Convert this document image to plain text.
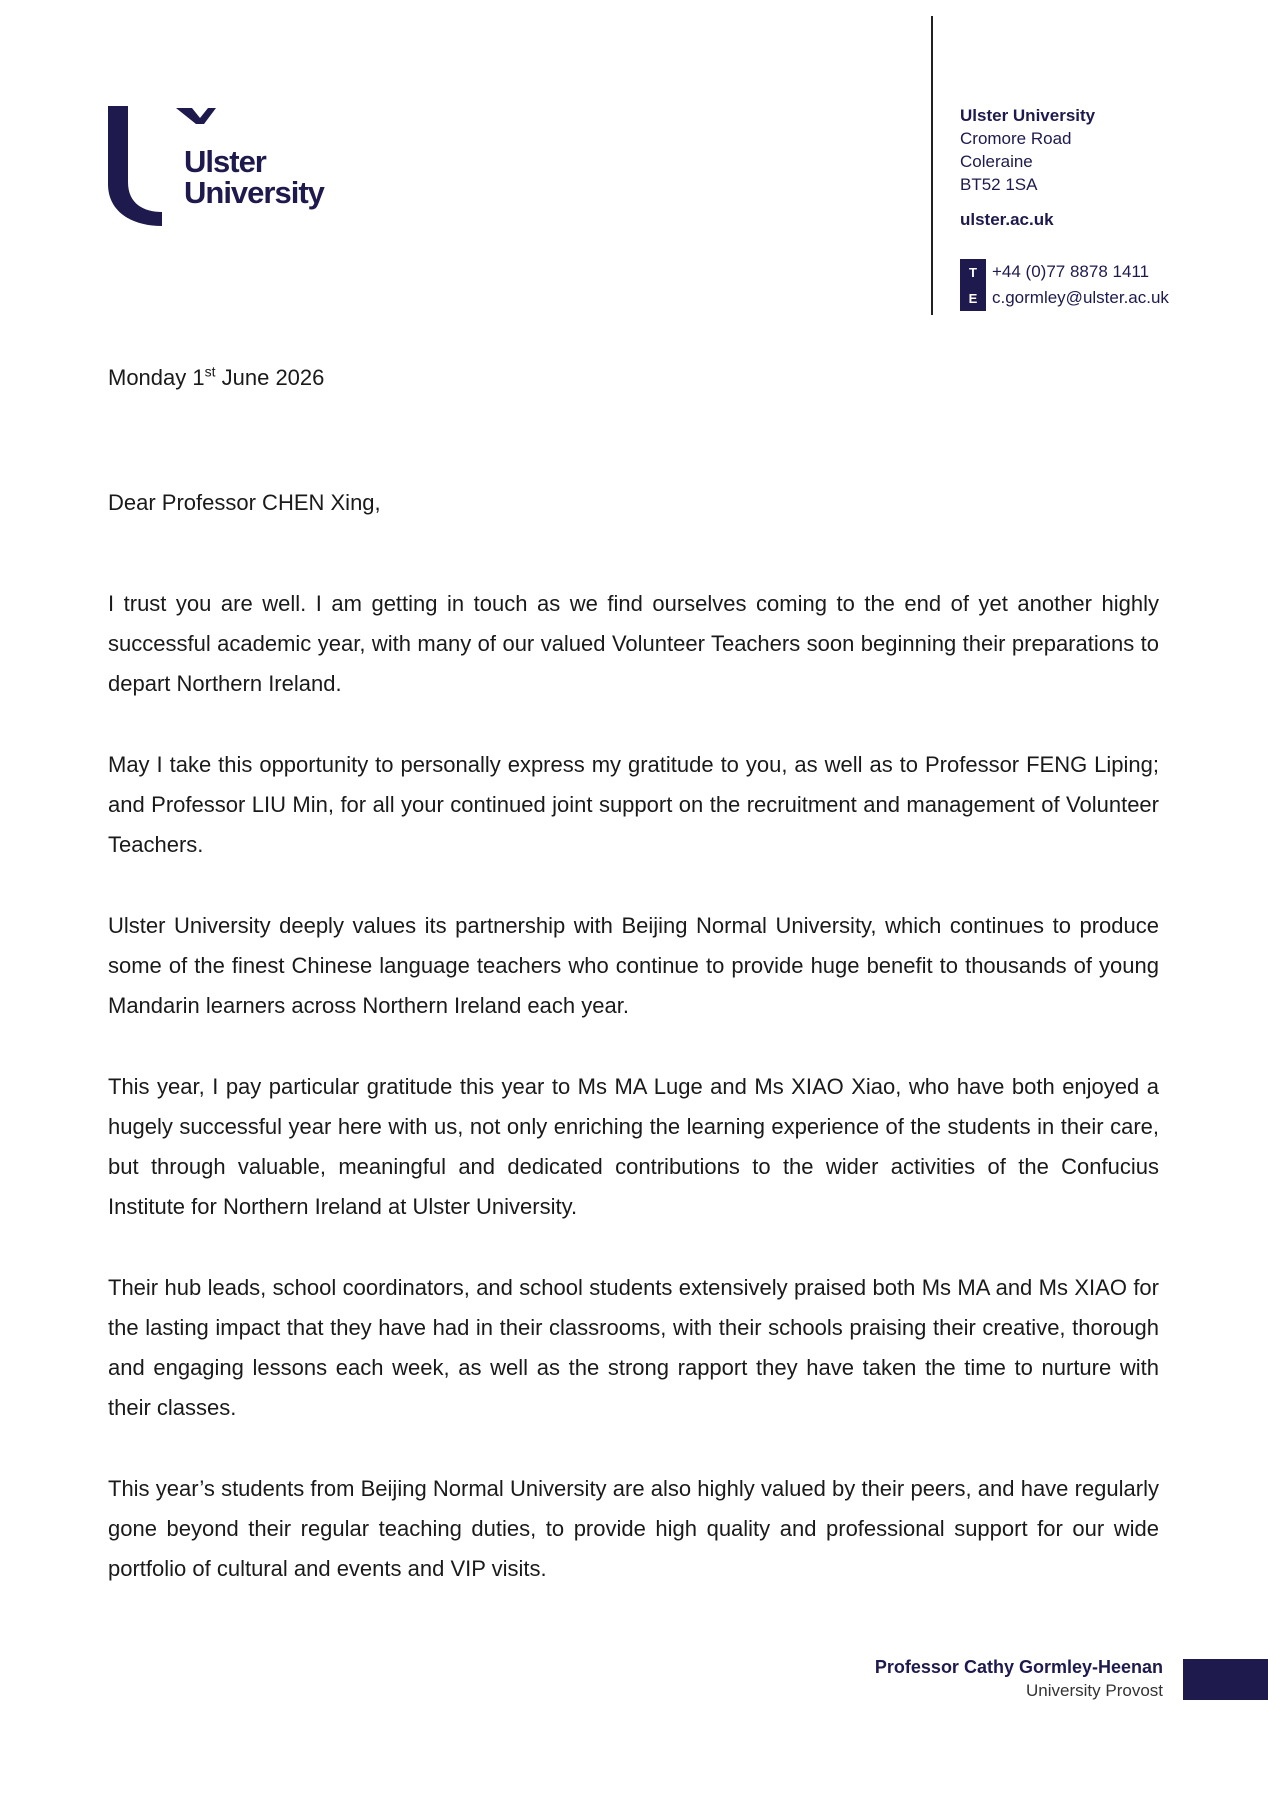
Ulster
University
Ulster University
Cromore Road
Coleraine
BT52 1SA
ulster.ac.uk
T +44 (0)77 8878 1411
E c.gormley@ulster.ac.uk
Monday 1st June 2026
Dear Professor CHEN Xing,

I trust you are well. I am getting in touch as we find ourselves coming to the end of yet another highly successful academic year, with many of our valued Volunteer Teachers soon beginning their preparations to depart Northern Ireland.

May I take this opportunity to personally express my gratitude to you, as well as to Professor FENG Liping; and Professor LIU Min, for all your continued joint support on the recruitment and management of Volunteer Teachers.

Ulster University deeply values its partnership with Beijing Normal University, which continues to produce some of the finest Chinese language teachers who continue to provide huge benefit to thousands of young Mandarin learners across Northern Ireland each year.

This year, I pay particular gratitude this year to Ms MA Luge and Ms XIAO Xiao, who have both enjoyed a hugely successful year here with us, not only enriching the learning experience of the students in their care, but through valuable, meaningful and dedicated contributions to the wider activities of the Confucius Institute for Northern Ireland at Ulster University.

Their hub leads, school coordinators, and school students extensively praised both Ms MA and Ms XIAO for the lasting impact that they have had in their classrooms, with their schools praising their creative, thorough and engaging lessons each week, as well as the strong rapport they have taken the time to nurture with their classes.

This year’s students from Beijing Normal University are also highly valued by their peers, and have regularly gone beyond their regular teaching duties, to provide high quality and professional support for our wide portfolio of cultural and events and VIP visits.

Professor Cathy Gormley-Heenan
University Provost
